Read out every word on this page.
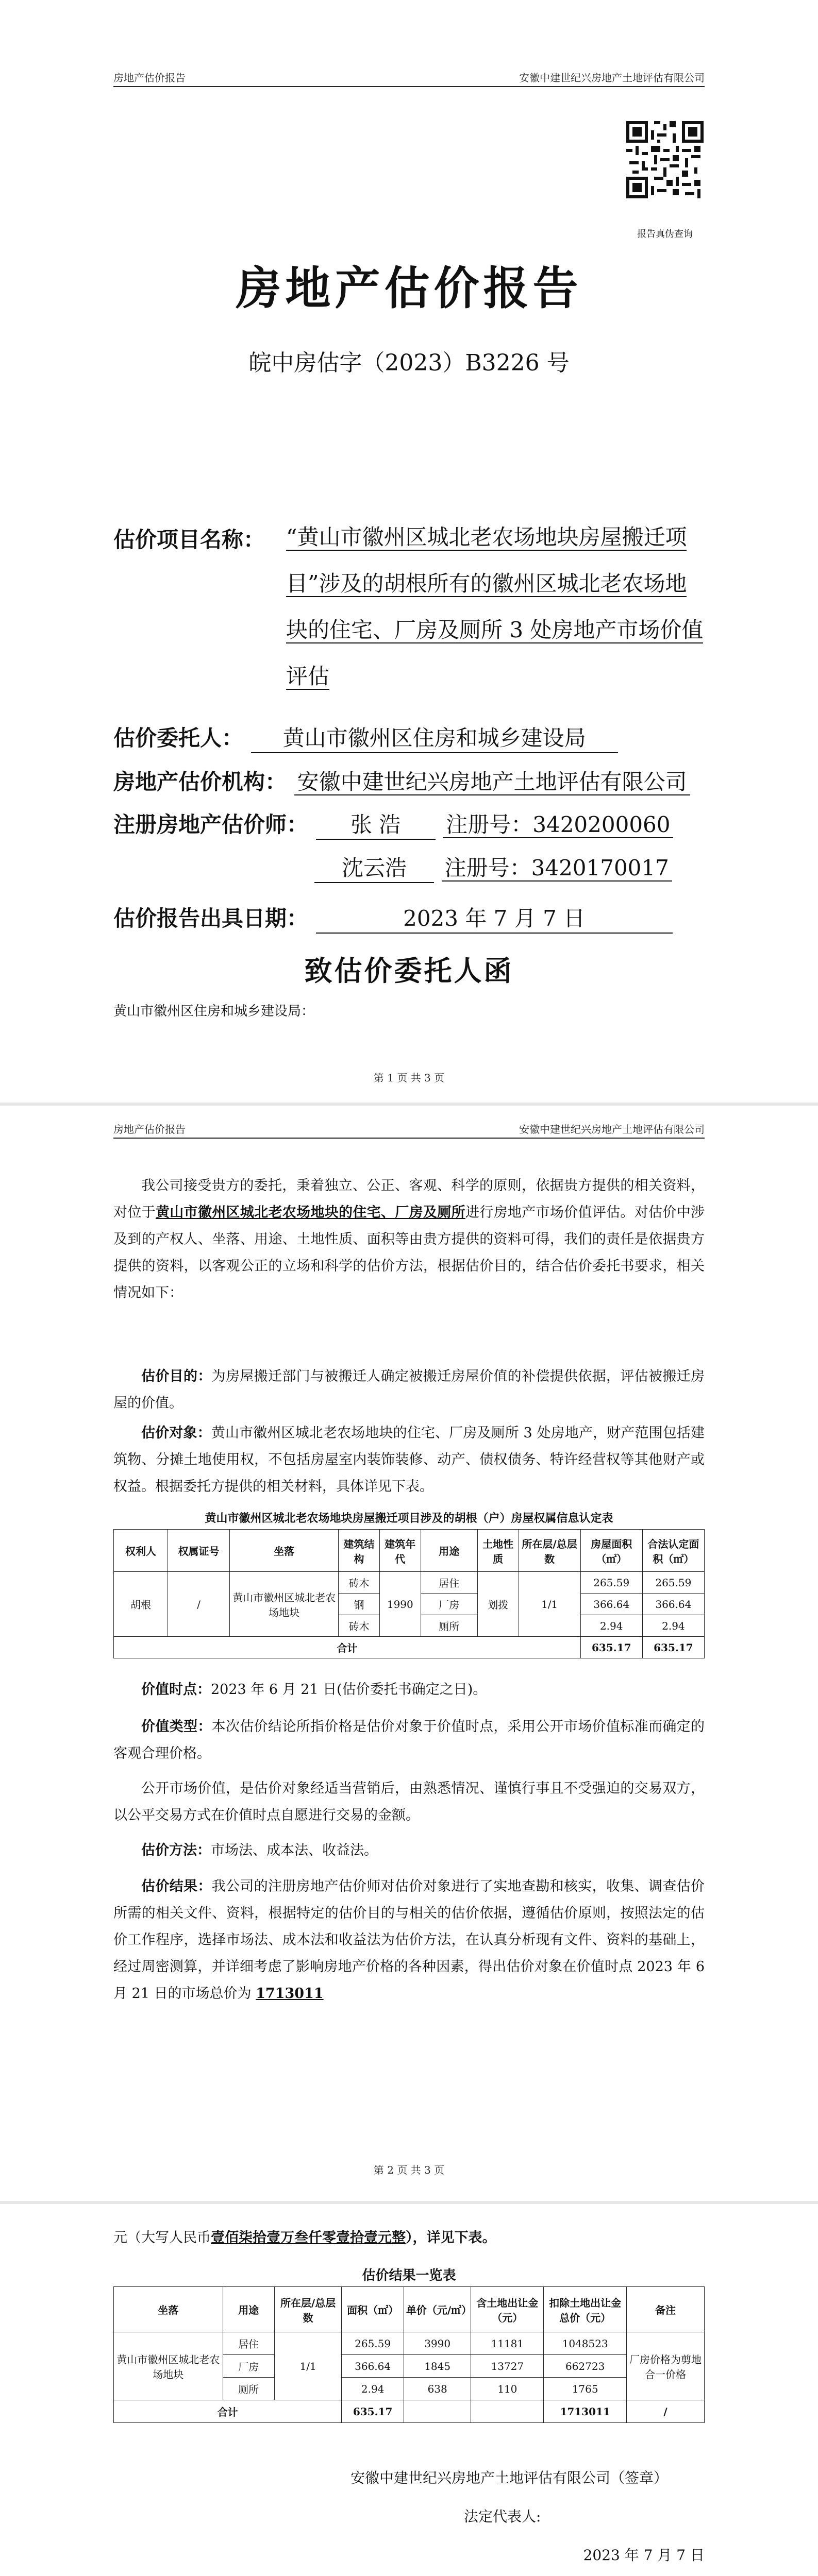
房地产估价报告	安徽中建世纪兴房地产土地评估有限公司
报告真伪查询
房地产估价报告
皖中房估字（2023）B3226 号
估价项目名称： “黄山市徽州区城北老农场地块房屋搬迁项
目”涉及的胡根所有的徽州区城北老农场地
块的住宅、厂房及厕所 3 处房地产市场价值
评估
估价委托人： 黄山市徽州区住房和城乡建设局
房地产估价机构： 安徽中建世纪兴房地产土地评估有限公司
注册房地产估价师： 张 浩 注册号：3420200060
沈云浩 注册号：3420170017
估价报告出具日期：	2023 年 7 月 7 日
致估价委托人函
黄山市徽州区住房和城乡建设局：
第 1 页 共 3 页
房地产估价报告	安徽中建世纪兴房地产土地评估有限公司
我公司接受贵方的委托，秉着独立、公正、客观、科学的原则，依据贵方提供的相关资料，对位于黄山市徽州区城北老农场地块的住宅、厂房及厕所进行房地产市场价值评估。对估价中涉及到的产权人、坐落、用途、土地性质、面积等由贵方提供的资料可得，我们的责任是依据贵方提供的资料，以客观公正的立场和科学的估价方法，根据估价目的，结合估价委托书要求，相关情况如下：
估价目的：为房屋搬迁部门与被搬迁人确定被搬迁房屋价值的补偿提供依据，评估被搬迁房屋的价值。
估价对象：黄山市徽州区城北老农场地块的住宅、厂房及厕所 3 处房地产，财产范围包括建筑物、分摊土地使用权，不包括房屋室内装饰装修、动产、债权债务、特许经营权等其他财产或权益。根据委托方提供的相关材料，具体详见下表。
黄山市徽州区城北老农场地块房屋搬迁项目涉及的胡根（户）房屋权属信息认定表
权利人	权属证号	坐落	建筑结构	建筑年代	用途	土地性质	所在层/总层数	房屋面积（㎡）	合法认定面积（㎡）
胡根	/	黄山市徽州区城北老农场地块	砖木	1990	居住	划拨	1/1	265.59	265.59
			钢		厂房			366.64	366.64
			砖木		厕所			2.94	2.94
合计								635.17	635.17
价值时点：2023 年 6 月 21 日(估价委托书确定之日)。
价值类型：本次估价结论所指价格是估价对象于价值时点，采用公开市场价值标准而确定的客观合理价格。
公开市场价值，是估价对象经适当营销后，由熟悉情况、谨慎行事且不受强迫的交易双方，以公平交易方式在价值时点自愿进行交易的金额。
估价方法：市场法、成本法、收益法。
估价结果：我公司的注册房地产估价师对估价对象进行了实地查勘和核实，收集、调查估价所需的相关文件、资料，根据特定的估价目的与相关的估价依据，遵循估价原则，按照法定的估价工作程序，选择市场法、成本法和收益法为估价方法，在认真分析现有文件、资料的基础上，经过周密测算，并详细考虑了影响房地产价格的各种因素，得出估价对象在价值时点 2023 年 6 月 21 日的市场总价为 1713011
第 2 页 共 3 页
元（大写人民币壹佰柒拾壹万叁仟零壹拾壹元整），详见下表。
估价结果一览表
坐落	用途	所在层/总层数	面积（㎡）	单价（元/㎡）	含土地出让金（元）	扣除土地出让金总价（元）	备注
黄山市徽州区城北老农场地块	居住	1/1	265.59	3990	11181	1048523	厂房价格为剪地合一价格
	厂房		366.64	1845	13727	662723	
	厕所		2.94	638	110	1765	
合计			635.17			1713011	/
安徽中建世纪兴房地产土地评估有限公司（签章）
法定代表人:
2023 年 7 月 7 日
